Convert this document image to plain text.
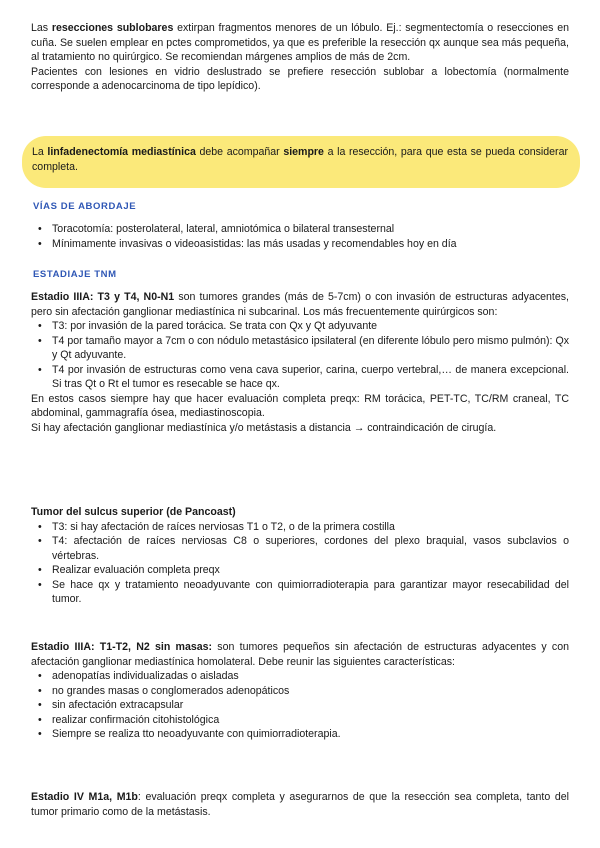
Las resecciones sublobares extirpan fragmentos menores de un lóbulo. Ej.: segmentectomía o resecciones en cuña. Se suelen emplear en pctes comprometidos, ya que es preferible la resección qx aunque sea más pequeña, al tratamiento no quirúrgico. Se recomiendan márgenes amplios de más de 2cm.

Pacientes con lesiones en vidrio deslustrado se prefiere resección sublobar a lobectomía (normalmente corresponde a adenocarcinoma de tipo lepídico).

La linfadenectomía mediastínica debe acompañar siempre a la resección, para que esta se pueda considerar completa.

VÍAS DE ABORDAJE
• Toracotomía: posterolateral, lateral, amniotómica o bilateral transesternal
• Mínimamente invasivas o videoasistidas: las más usadas y recomendables hoy en día
ESTADIAJE TNM

Estadio IIIA: T3 y T4, N0-N1 son tumores grandes (más de 5-7cm) o con invasión de estructuras adyacentes, pero sin afectación ganglionar mediastínica ni subcarinal. Los más frecuentemente quirúrgicos son:

• T3: por invasión de la pared torácica. Se trata con Qx y Qt adyuvante
• T4 por tamaño mayor a 7cm o con nódulo metastásico ipsilateral (en diferente lóbulo pero mismo pulmón): Qx y Qt adyuvante.
• T4 por invasión de estructuras como vena cava superior, carina, cuerpo vertebral,… de manera excepcional. Si tras Qt o Rt el tumor es resecable se hace qx.

En estos casos siempre hay que hacer evaluación completa preqx: RM torácica, PET-TC, TC/RM craneal, TC abdominal, gammagrafía ósea, mediastinoscopia.

Si hay afectación ganglionar mediastínica y/o metástasis a distancia → contraindicación de cirugía.

Tumor del sulcus superior (de Pancoast)

• T3: si hay afectación de raíces nerviosas T1 o T2, o de la primera costilla
• T4: afectación de raíces nerviosas C8 o superiores, cordones del plexo braquial, vasos subclavios o vértebras.
• Realizar evaluación completa preqx
• Se hace qx y tratamiento neoadyuvante con quimiorradioterapia para garantizar mayor resecabilidad del tumor.

Estadio IIIA: T1-T2, N2 sin masas: son tumores pequeños sin afectación de estructuras adyacentes y con afectación ganglionar mediastínica homolateral. Debe reunir las siguientes características:

• adenopatías individualizadas o aisladas
• no grandes masas o conglomerados adenopáticos
• sin afectación extracapsular
• realizar confirmación citohistológica
• Siempre se realiza tto neoadyuvante con quimiorradioterapia.

Estadio IV M1a, M1b: evaluación preqx completa y asegurarnos de que la resección sea completa, tanto del tumor primario como de la metástasis.
